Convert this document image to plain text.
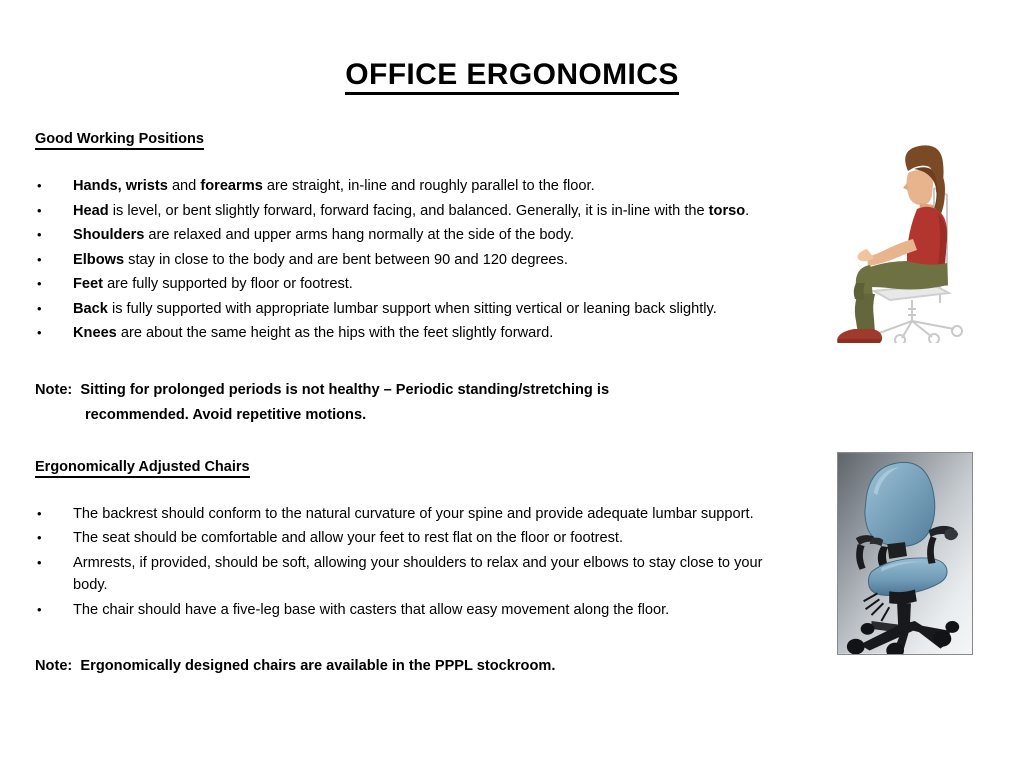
OFFICE ERGONOMICS
Good Working Positions
• Hands, wrists and forearms are straight, in-line and roughly parallel to the floor.
• Head is level, or bent slightly forward, forward facing, and balanced. Generally, it is in-line with the torso.
• Shoulders are relaxed and upper arms hang normally at the side of the body.
• Elbows stay in close to the body and are bent between 90 and 120 degrees.
• Feet are fully supported by floor or footrest.
• Back is fully supported with appropriate lumbar support when sitting vertical or leaning back slightly.
• Knees are about the same height as the hips with the feet slightly forward.

Note: Sitting for prolonged periods is not healthy – Periodic standing/stretching is
recommended. Avoid repetitive motions.

Ergonomically Adjusted Chairs
• The backrest should conform to the natural curvature of your spine and provide adequate lumbar support.
• The seat should be comfortable and allow your feet to rest flat on the floor or footrest.
• Armrests, if provided, should be soft, allowing your shoulders to relax and your elbows to stay close to your body.
• The chair should have a five-leg base with casters that allow easy movement along the floor.

Note: Ergonomically designed chairs are available in the PPPL stockroom.
